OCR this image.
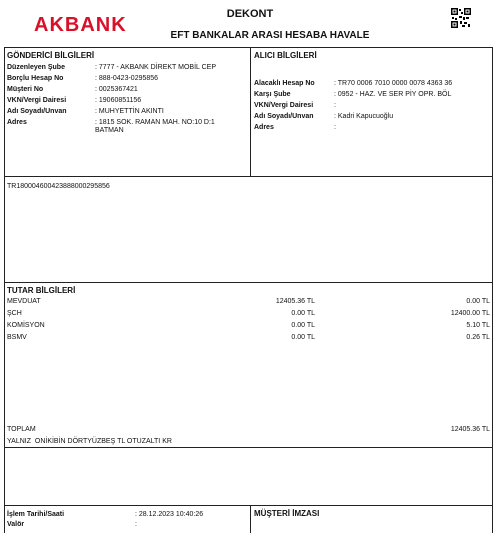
AKBANK	DEKONT
EFT BANKALAR ARASI HESABA HAVALE
GÖNDERİCİ BİLGİLERİ
Düzenleyen Şube	: 7777 - AKBANK DİREKT MOBİL CEP
Borçlu Hesap No	: 888-0423-0295856
Müşteri No	: 0025367421
VKN/Vergi Dairesi	: 19060851156
Adı Soyadı/Unvan	: MUHYETTİN AKINTI
Adres	: 1815 SOK. RAMAN MAH. NO:10 D:1
BATMAN
ALICI BİLGİLERİ
Alacaklı Hesap No	: TR70 0006 7010 0000 0078 4363 36
Karşı Şube	: 0952 - HAZ. VE SER PİY OPR. BÖL
VKN/Vergi Dairesi	:
Adı Soyadı/Unvan	: Kadri Kapucuoğlu
Adres	:
TR180004600423888000295856
TUTAR BİLGİLERİ
MEVDUAT	12405.36 TL	0.00 TL
ŞCH	0.00 TL	12400.00 TL
KOMİSYON	0.00 TL	5.10 TL
BSMV	0.00 TL	0.26 TL
TOPLAM	12405.36 TL
YALNIZ  ONİKİBİN DÖRTYÜZBEŞ TL OTUZALTI KR
İşlem Tarihi/Saati	: 28.12.2023 10:40:26
Valör	:
MÜŞTERİ İMZASI
